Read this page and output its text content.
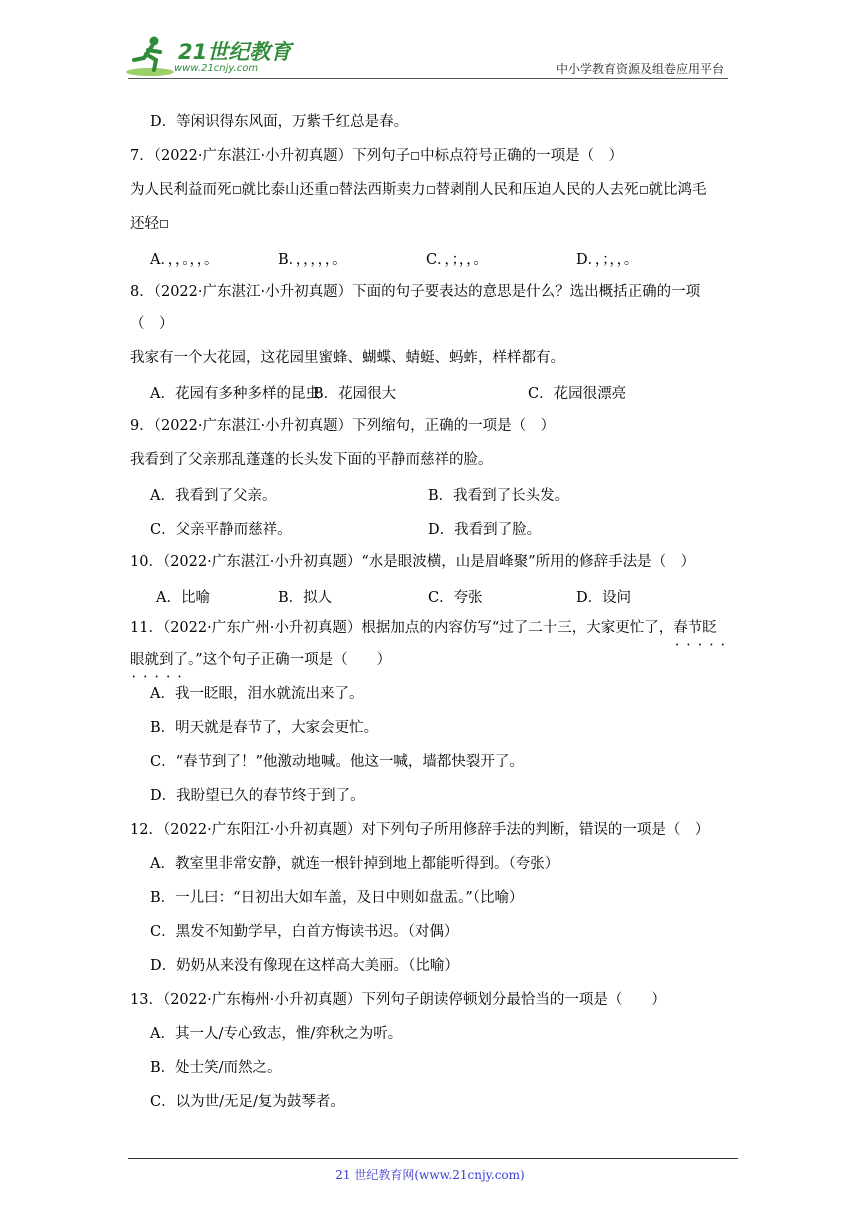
21世纪教育
www.21cnjy.com	中小学教育资源及组卷应用平台
D．等闲识得东风面，万紫千红总是春。
7．（2022·广东湛江·小升初真题）下列句子 中标点符号正确的一项是（　）
为人民利益而死 就比泰山还重 替法西斯卖力 替剥削人民和压迫人民的人去死 就比鸿毛
还轻
A．，，。，，。	B．，，，，，。	C．，；，，。	D．，；，，。
8．（2022·广东湛江·小升初真题）下面的句子要表达的意思是什么？选出概括正确的一项
（　）
我家有一个大花园，这花园里蜜蜂、蝴蝶、蜻蜓、蚂蚱，样样都有。
A．花园有多种多样的昆虫
B．花园很大	C．花园很漂亮
9．（2022·广东湛江·小升初真题）下列缩句，正确的一项是（　）
我看到了父亲那乱蓬蓬的长头发下面的平静而慈祥的脸。
A．我看到了父亲。	B．我看到了长头发。
C．父亲平静而慈祥。	D．我看到了脸。
10．（2022·广东湛江·小升初真题）“水是眼波横，山是眉峰聚”所用的修辞手法是（　）
A．比喻	B．拟人	C．夸张	D．设问
11．（2022·广东广州·小升初真题）根据加点的内容仿写“过了二十三，大家更忙了，春节眨 • • •
眼就 • • •到了。”这个句子正确一项是（　　）
A．我一眨眼，泪水就流出来了。
B．明天就是春节了，大家会更忙。
C．“春节到了！”他激动地喊。他这一喊，墙都快裂开了。
D．我盼望已久的春节终于到了。
12．（2022·广东阳江·小升初真题）对下列句子所用修辞手法的判断，错误的一项是（　）
A．教室里非常安静，就连一根针掉到地上都能听得到。（夸张）
B．一儿曰：“日初出大如车盖，及日中则如盘盂。”（比喻）
C．黑发不知勤学早，白首方悔读书迟。（对偶）
D．奶奶从来没有像现在这样高大美丽。（比喻）
13．（2022·广东梅州·小升初真题）下列句子朗读停顿划分最恰当的一项是（　　）
A．其一人/专心致志，惟/弈秋之为听。
B．处士笑/而然之。
C．以为世/无足/复为鼓琴者。
21 世纪教育网(www.21cnjy.com)
